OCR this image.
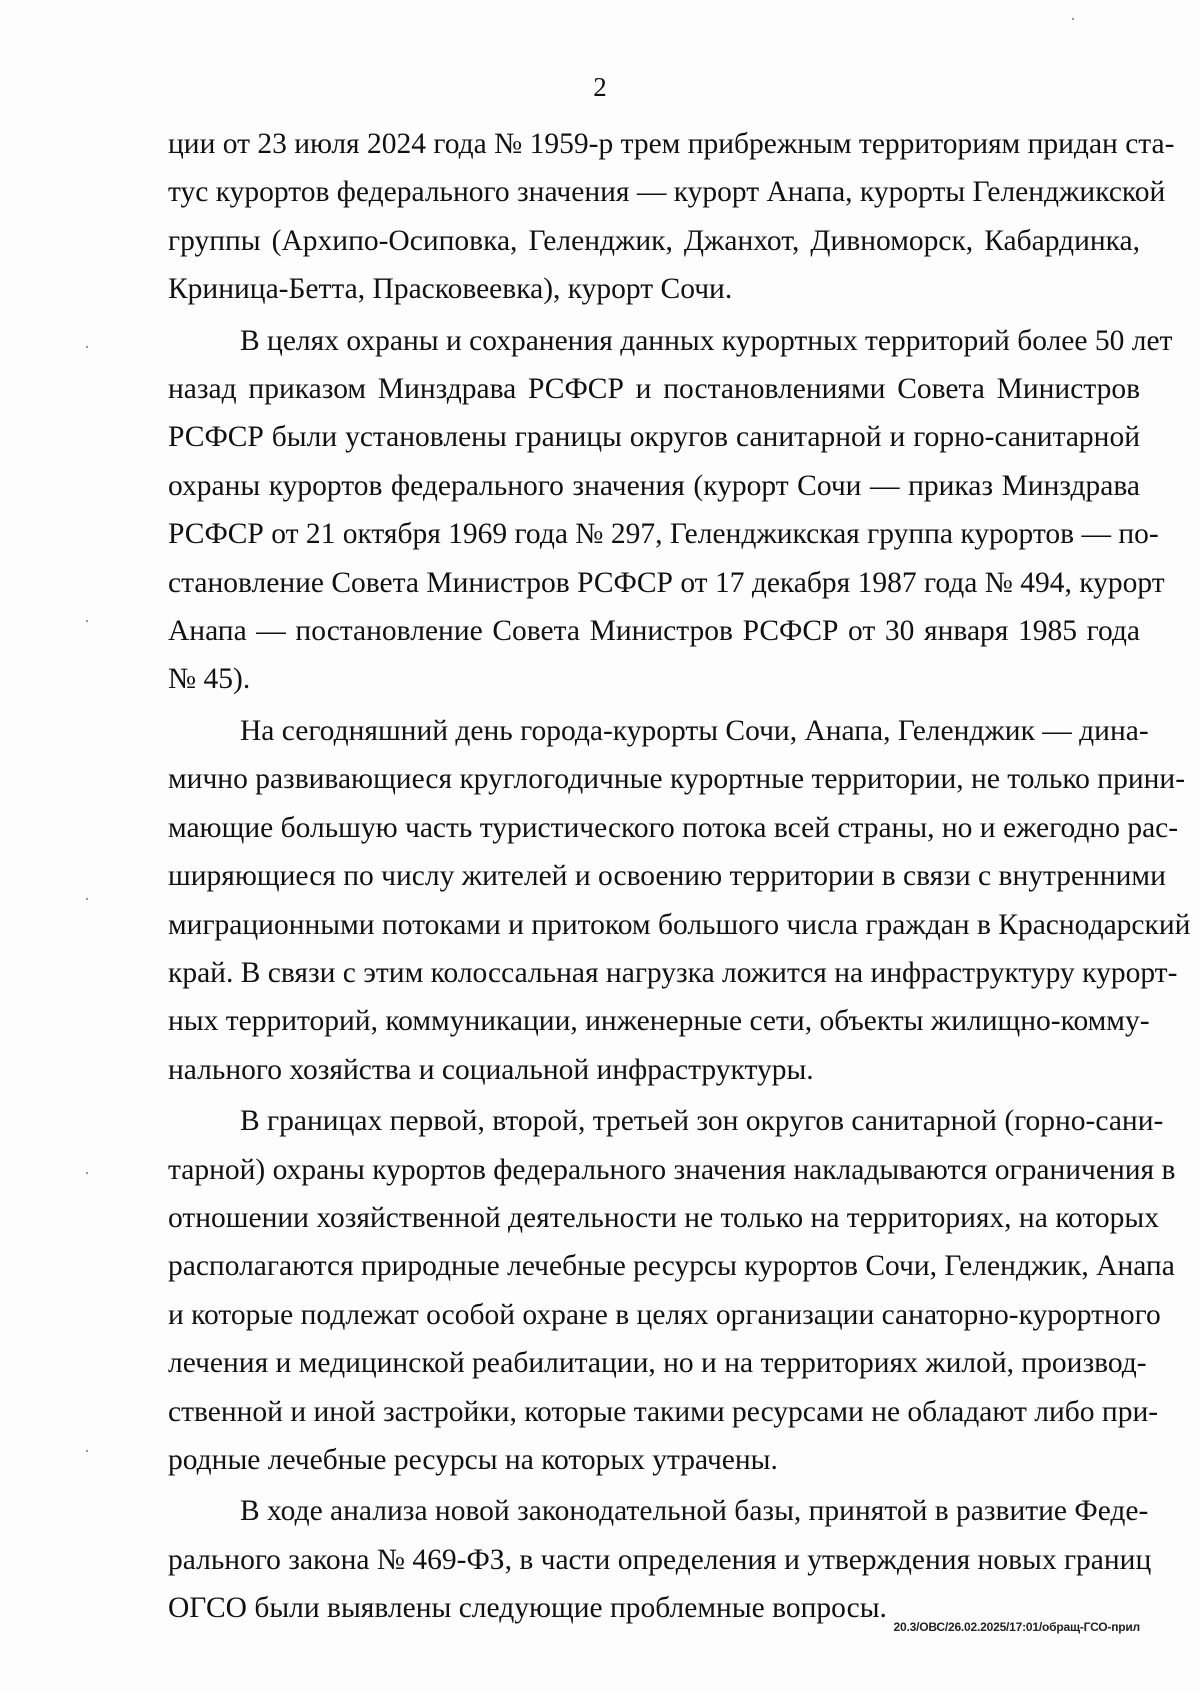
2

ции от 23 июля 2024 года № 1959-р трем прибрежным территориям придан ста-
тус курортов федерального значения — курорт Анапа, курорты Геленджикской
группы (Архипо-Осиповка, Геленджик, Джанхот, Дивноморск, Кабардинка,
Криница-Бетта, Прасковеевка), курорт Сочи.

В целях охраны и сохранения данных курортных территорий более 50 лет
назад приказом Минздрава РСФСР и постановлениями Совета Министров
РСФСР были установлены границы округов санитарной и горно-санитарной
охраны курортов федерального значения (курорт Сочи — приказ Минздрава
РСФСР от 21 октября 1969 года № 297, Геленджикская группа курортов — по-
становление Совета Министров РСФСР от 17 декабря 1987 года № 494, курорт
Анапа — постановление Совета Министров РСФСР от 30 января 1985 года
№ 45).

На сегодняшний день города-курорты Сочи, Анапа, Геленджик — дина-
мично развивающиеся круглогодичные курортные территории, не только прини-
мающие большую часть туристического потока всей страны, но и ежегодно рас-
ширяющиеся по числу жителей и освоению территории в связи с внутренними
миграционными потоками и притоком большого числа граждан в Краснодарский
край. В связи с этим колоссальная нагрузка ложится на инфраструктуру курорт-
ных территорий, коммуникации, инженерные сети, объекты жилищно-комму-
нального хозяйства и социальной инфраструктуры.

В границах первой, второй, третьей зон округов санитарной (горно-сани-
тарной) охраны курортов федерального значения накладываются ограничения в
отношении хозяйственной деятельности не только на территориях, на которых
располагаются природные лечебные ресурсы курортов Сочи, Геленджик, Анапа
и которые подлежат особой охране в целях организации санаторно-курортного
лечения и медицинской реабилитации, но и на территориях жилой, производ-
ственной и иной застройки, которые такими ресурсами не обладают либо при-
родные лечебные ресурсы на которых утрачены.

В ходе анализа новой законодательной базы, принятой в развитие Феде-
рального закона № 469-ФЗ, в части определения и утверждения новых границ
ОГСО были выявлены следующие проблемные вопросы.

20.3/ОВС/26.02.2025/17:01/обращ-ГСО-прил
